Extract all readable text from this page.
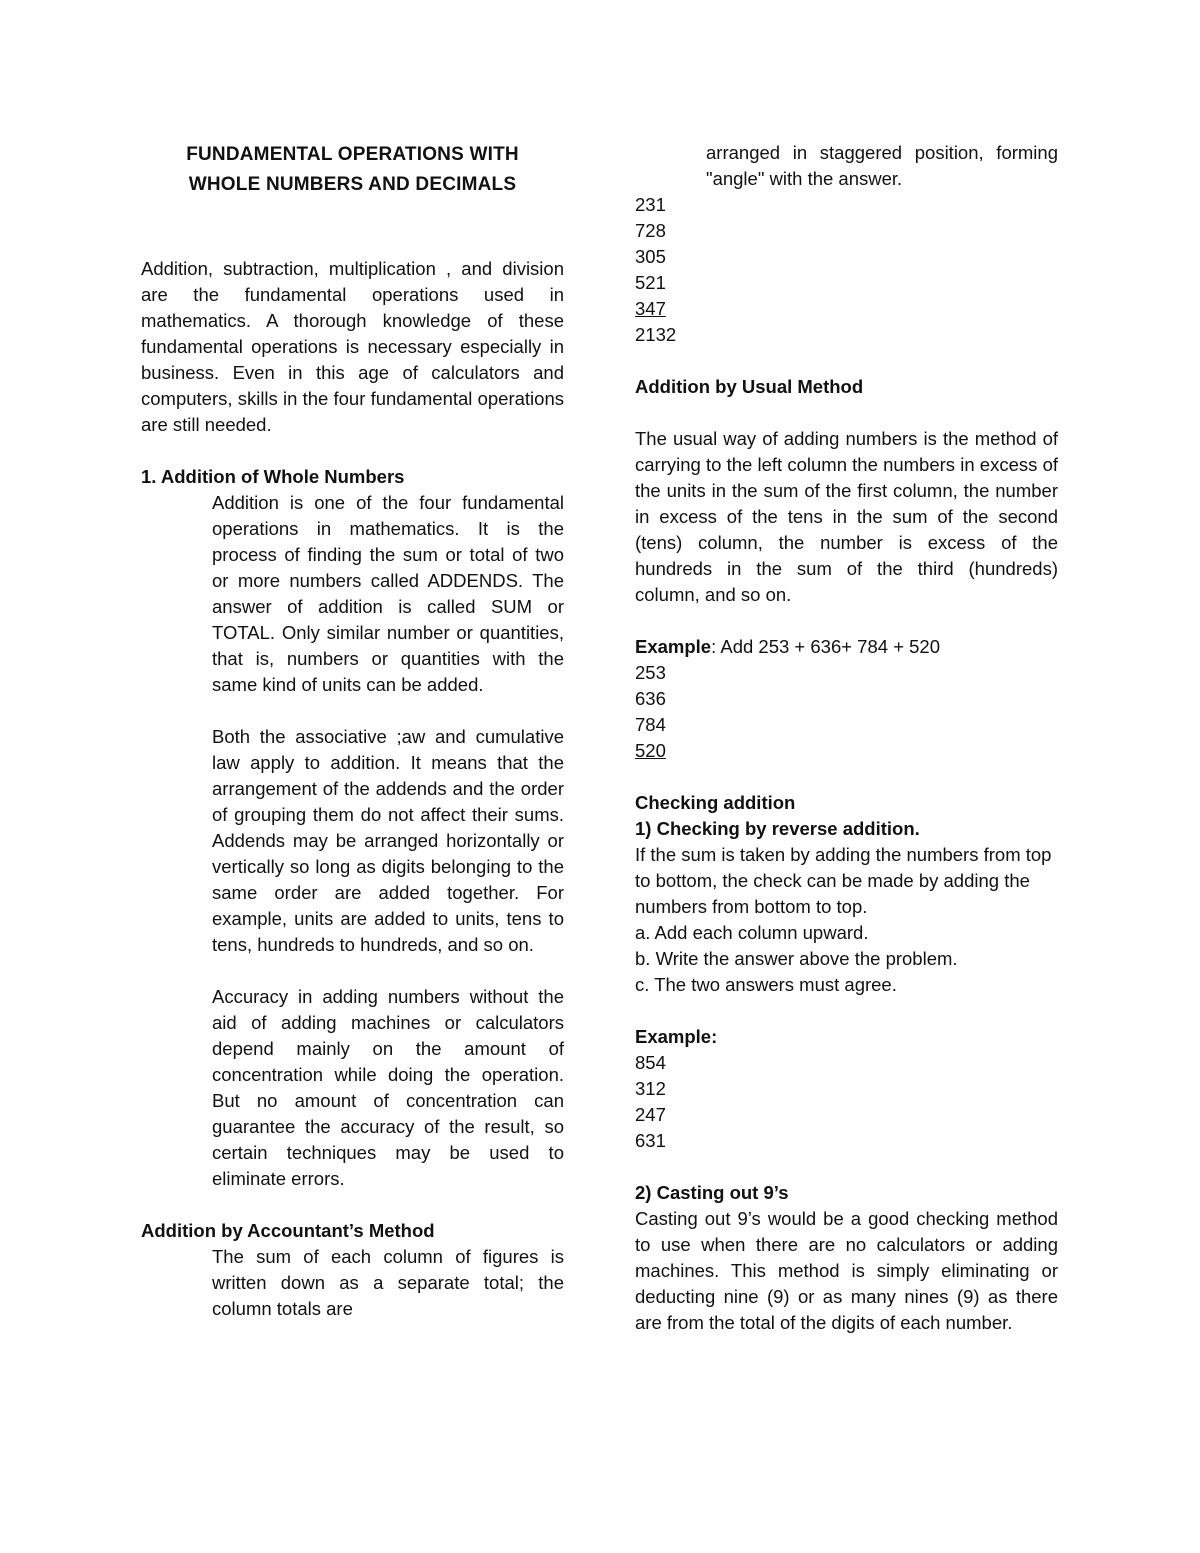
FUNDAMENTAL OPERATIONS WITH

WHOLE NUMBERS AND DECIMALS

Addition, subtraction, multiplication , and division are the fundamental operations used in mathematics. A thorough knowledge of these fundamental operations is necessary especially in business. Even in this age of calculators and computers, skills in the four fundamental operations are still needed.

1. Addition of Whole Numbers

Addition is one of the four fundamental operations in mathematics. It is the process of finding the sum or total of two or more numbers called ADDENDS. The answer of addition is called SUM or TOTAL. Only similar number or quantities, that is, numbers or quantities with the same kind of units can be added.

Both the associative ;aw and cumulative law apply to addition. It means that the arrangement of the addends and the order of grouping them do not affect their sums. Addends may be arranged horizontally or vertically so long as digits belonging to the same order are added together. For example, units are added to units, tens to tens, hundreds to hundreds, and so on.

Accuracy in adding numbers without the aid of adding machines or calculators depend mainly on the amount of concentration while doing the operation. But no amount of concentration can guarantee the accuracy of the result, so certain techniques may be used to eliminate errors.

Addition by Accountant’s Method

The sum of each column of figures is written down as a separate total; the column totals are

arranged in staggered position, forming "angle" with the answer.

231
728
305
521
347
2132

Addition by Usual Method

The usual way of adding numbers is the method of carrying to the left column the numbers in excess of the units in the sum of the first column, the number in excess of the tens in the sum of the second (tens) column, the number is excess of the hundreds in the sum of the third (hundreds) column, and so on.

Example: Add 253 + 636+ 784 + 520

253
636
784
520

Checking addition

1) Checking by reverse addition.

If the sum is taken by adding the numbers from top to bottom, the check can be made by adding the numbers from bottom to top.

a. Add each column upward.

b. Write the answer above the problem.

c. The two answers must agree.

Example:

854
312
247
631

2) Casting out 9’s

Casting out 9’s would be a good checking method to use when there are no calculators or adding machines. This method is simply eliminating or deducting nine (9) or as many nines (9) as there are from the total of the digits of each number.
